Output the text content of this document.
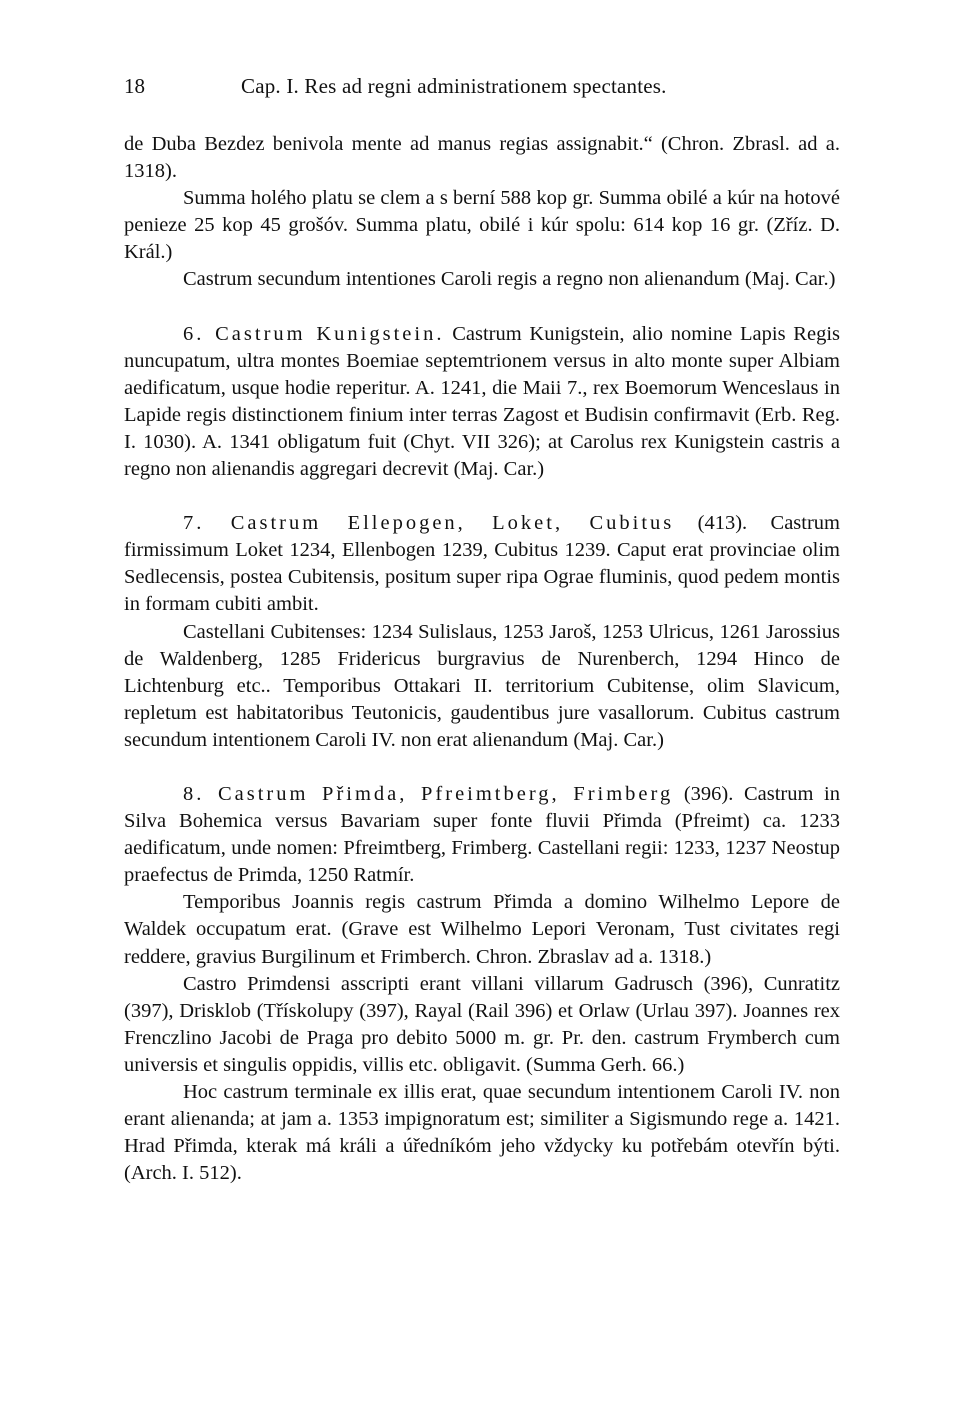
18	Cap. I. Res ad regni administrationem spectantes.

de Duba Bezdez benivola mente ad manus regias assignabit.“ (Chron. Zbrasl. ad a. 1318).

Summa holého platu se clem a s berní 588 kop gr. Summa obilé a kúr na hotové penieze 25 kop 45 grošóv. Summa platu, obilé i kúr spolu: 614 kop 16 gr. (Zříz. D. Král.)

Castrum secundum intentiones Caroli regis a regno non alienandum (Maj. Car.)

6. Castrum Kunigstein. Castrum Kunigstein, alio nomine Lapis Regis nuncupatum, ultra montes Boemiae septemtrionem versus in alto monte super Albiam aedificatum, usque hodie reperitur. A. 1241, die Maii 7., rex Boemorum Wenceslaus in Lapide regis distinctionem finium inter terras Zagost et Budisin confirmavit (Erb. Reg. I. 1030). A. 1341 obligatum fuit (Chyt. VII 326); at Carolus rex Kunigstein castris a regno non alienandis aggregari decrevit (Maj. Car.)

7. Castrum Ellepogen, Loket, Cubitus (413). Castrum firmissimum Loket 1234, Ellenbogen 1239, Cubitus 1239. Caput erat provinciae olim Sedlecensis, postea Cubitensis, positum super ripa Ograe fluminis, quod pedem montis in formam cubiti ambit.

Castellani Cubitenses: 1234 Sulislaus, 1253 Jaroš, 1253 Ulricus, 1261 Jarossius de Waldenberg, 1285 Fridericus burgravius de Nurenberch, 1294 Hinco de Lichtenburg etc.. Temporibus Ottakari II. territorium Cubitense, olim Slavicum, repletum est habitatoribus Teutonicis, gaudentibus jure vasallorum. Cubitus castrum secundum intentionem Caroli IV. non erat alienandum (Maj. Car.)

8. Castrum Přimda, Pfreimtberg, Frimberg (396). Castrum in Silva Bohemica versus Bavariam super fonte fluvii Přimda (Pfreimt) ca. 1233 aedificatum, unde nomen: Pfreimtberg, Frimberg. Castellani regii: 1233, 1237 Neostup praefectus de Primda, 1250 Ratmír.

Temporibus Joannis regis castrum Přimda a domino Wilhelmo Lepore de Waldek occupatum erat. (Grave est Wilhelmo Lepori Veronam, Tust civitates regi reddere, gravius Burgilinum et Frimberch. Chron. Zbraslav ad a. 1318.)

Castro Primdensi asscripti erant villani villarum Gadrusch (396), Cunratitz (397), Drisklob (Třískolupy (397), Rayal (Rail 396) et Orlaw (Urlau 397). Joannes rex Frenczlino Jacobi de Praga pro debito 5000 m. gr. Pr. den. castrum Frymberch cum universis et singulis oppidis, villis etc. obligavit. (Summa Gerh. 66.)

Hoc castrum terminale ex illis erat, quae secundum intentionem Caroli IV. non erant alienanda; at jam a. 1353 impignoratum est; similiter a Sigismundo rege a. 1421. Hrad Přimda, kterak má králi a úředníkóm jeho vždycky ku potřebám otevřín býti. (Arch. I. 512).
